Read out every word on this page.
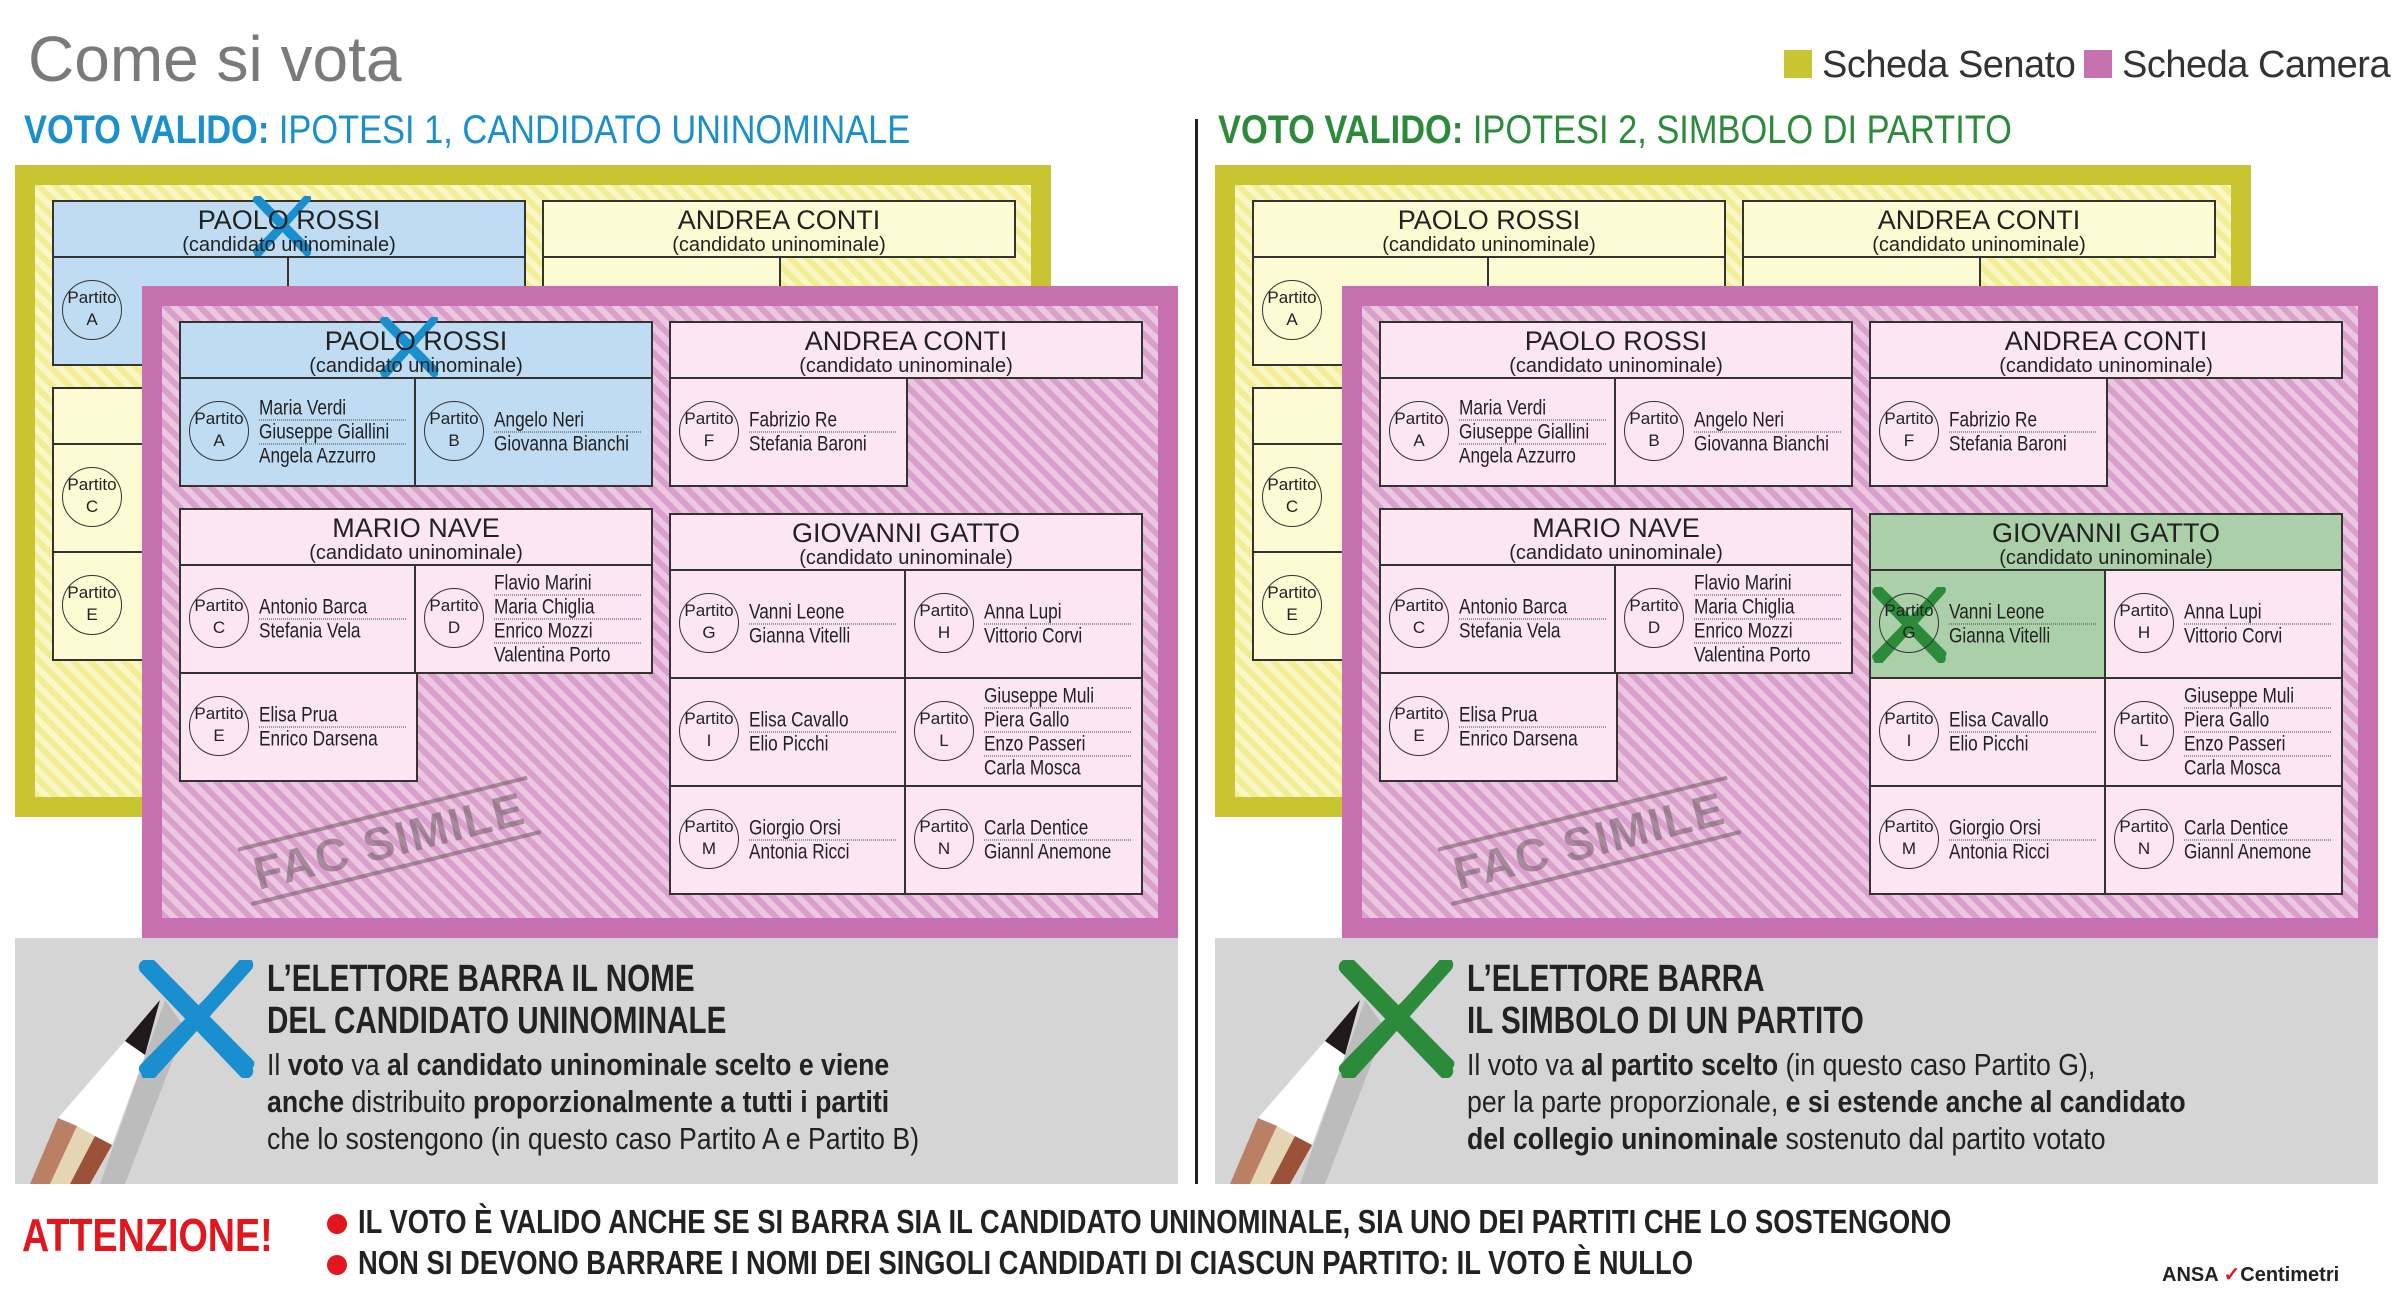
Come si vota	Scheda Senato Scheda Camera
VOTO VALIDO: IPOTESI 1, CANDIDATO UNINOMINALE	VOTO VALIDO: IPOTESI 2, SIMBOLO DI PARTITO
PAOLO ROSSI
(candidato uninominale)
Partito
A
ANDREA CONTI
(candidato uninominale)
Partito
C
Partito
E
FAC SIMILE
PAOLO ROSSI
(candidato uninominale)
Partito
A
Maria Verdi
Giuseppe Giallini
Angela Azzurro
Partito
B
Angelo Neri
Giovanna Bianchi
ANDREA CONTI
(candidato uninominale)
Partito
F
Fabrizio Re
Stefania Baroni
MARIO NAVE
(candidato uninominale)
Partito
C
Antonio Barca
Stefania Vela
Partito
D
Flavio Marini
Maria Chiglia
Enrico Mozzi
Valentina Porto
Partito
E
Elisa Prua
Enrico Darsena
GIOVANNI GATTO
(candidato uninominale)
Partito
G
Vanni Leone
Gianna Vitelli
Partito
H
Anna Lupi
Vittorio Corvi
Partito
I
Elisa Cavallo
Elio Picchi
Partito
L
Giuseppe Muli
Piera Gallo
Enzo Passeri
Carla Mosca
Partito
M
Giorgio Orsi
Antonia Ricci
Partito
N
Carla Dentice
Giannl Anemone
L’ELETTORE BARRA IL NOME
DEL CANDIDATO UNINOMINALE
Il voto va al candidato uninominale scelto e viene
anche distribuito proporzionalmente a tutti i partiti
che lo sostengono (in questo caso Partito A e Partito B)
PAOLO ROSSI
(candidato uninominale)
Partito
A
ANDREA CONTI
(candidato uninominale)
Partito
C
Partito
E
FAC SIMILE
PAOLO ROSSI
(candidato uninominale)
Partito
A
Maria Verdi
Giuseppe Giallini
Angela Azzurro
Partito
B
Angelo Neri
Giovanna Bianchi
ANDREA CONTI
(candidato uninominale)
Partito
F
Fabrizio Re
Stefania Baroni
MARIO NAVE
(candidato uninominale)
Partito
C
Antonio Barca
Stefania Vela
Partito
D
Flavio Marini
Maria Chiglia
Enrico Mozzi
Valentina Porto
Partito
E
Elisa Prua
Enrico Darsena
GIOVANNI GATTO
(candidato uninominale)
Partito
G
Vanni Leone
Gianna Vitelli
Partito
H
Anna Lupi
Vittorio Corvi
Partito
I
Elisa Cavallo
Elio Picchi
Partito
L
Giuseppe Muli
Piera Gallo
Enzo Passeri
Carla Mosca
Partito
M
Giorgio Orsi
Antonia Ricci
Partito
N
Carla Dentice
Giannl Anemone
L’ELETTORE BARRA
IL SIMBOLO DI UN PARTITO
Il voto va al partito scelto (in questo caso Partito G),
per la parte proporzionale, e si estende anche al candidato
del collegio uninominale sostenuto dal partito votato
ATTENZIONE!	IL VOTO È VALIDO ANCHE SE SI BARRA SIA IL CANDIDATO UNINOMINALE, SIA UNO DEI PARTITI CHE LO SOSTENGONO
NON SI DEVONO BARRARE I NOMI DEI SINGOLI CANDIDATI DI CIASCUN PARTITO: IL VOTO È NULLO	ANSA ✓Centimetri
